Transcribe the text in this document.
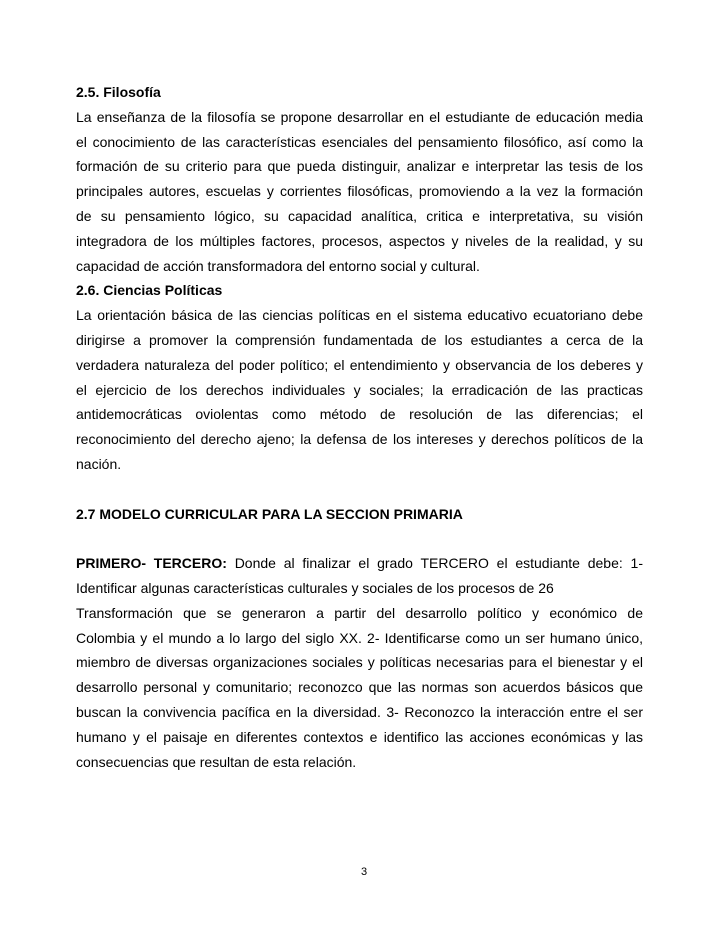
2.5. Filosofía

La enseñanza de la filosofía se propone desarrollar en el estudiante de educación media
el conocimiento de las características esenciales del pensamiento filosófico, así como la
formación de su criterio para que pueda distinguir, analizar e interpretar las tesis de los
principales autores, escuelas y corrientes filosóficas, promoviendo a la vez la formación
de su pensamiento lógico, su capacidad analítica, critica e interpretativa, su visión
integradora de los múltiples factores, procesos, aspectos y niveles de la realidad, y su
capacidad de acción transformadora del entorno social y cultural.

2.6. Ciencias Políticas

La orientación básica de las ciencias políticas en el sistema educativo ecuatoriano debe
dirigirse a promover la comprensión fundamentada de los estudiantes a cerca de la
verdadera naturaleza del poder político; el entendimiento y observancia de los deberes y
el ejercicio de los derechos individuales y sociales; la erradicación de las practicas
antidemocráticas oviolentas como método de resolución de las diferencias; el
reconocimiento del derecho ajeno; la defensa de los intereses y derechos políticos de la
nación.

2.7 MODELO CURRICULAR PARA LA SECCION PRIMARIA

PRIMERO- TERCERO: Donde al finalizar el grado TERCERO el estudiante debe: 1-
Identificar algunas características culturales y sociales de los procesos de 26
Transformación que se generaron a partir del desarrollo político y económico de
Colombia y el mundo a lo largo del siglo XX. 2- Identificarse como un ser humano único,
miembro de diversas organizaciones sociales y políticas necesarias para el bienestar y el
desarrollo personal y comunitario; reconozco que las normas son acuerdos básicos que
buscan la convivencia pacífica en la diversidad. 3- Reconozco la interacción entre el ser
humano y el paisaje en diferentes contextos e identifico las acciones económicas y las
consecuencias que resultan de esta relación.
3
